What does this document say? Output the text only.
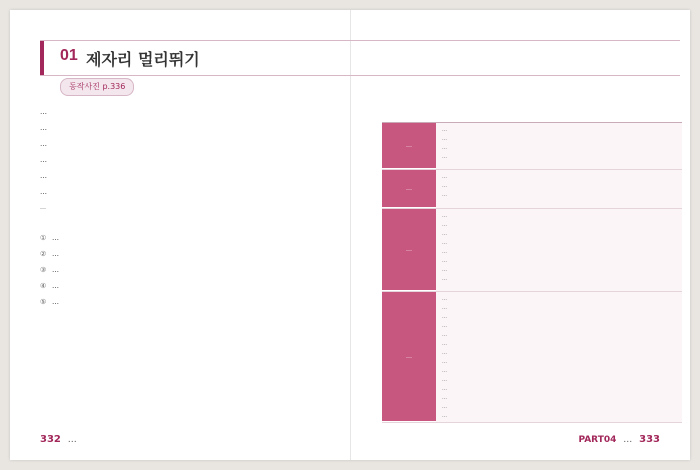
01 제자리 멀리뛰기
동작사진 p.336

…

…

…

…

…

…

…

① …
② …
③ …
④ …
⑤ …
…
…
…
…
…
…
…
…
…
…
…
…
…
…
…
…
…
…
…
…
…
…
…
…
…
…
…
…
…
…
…
…
…
332 …	PART04 … 333
